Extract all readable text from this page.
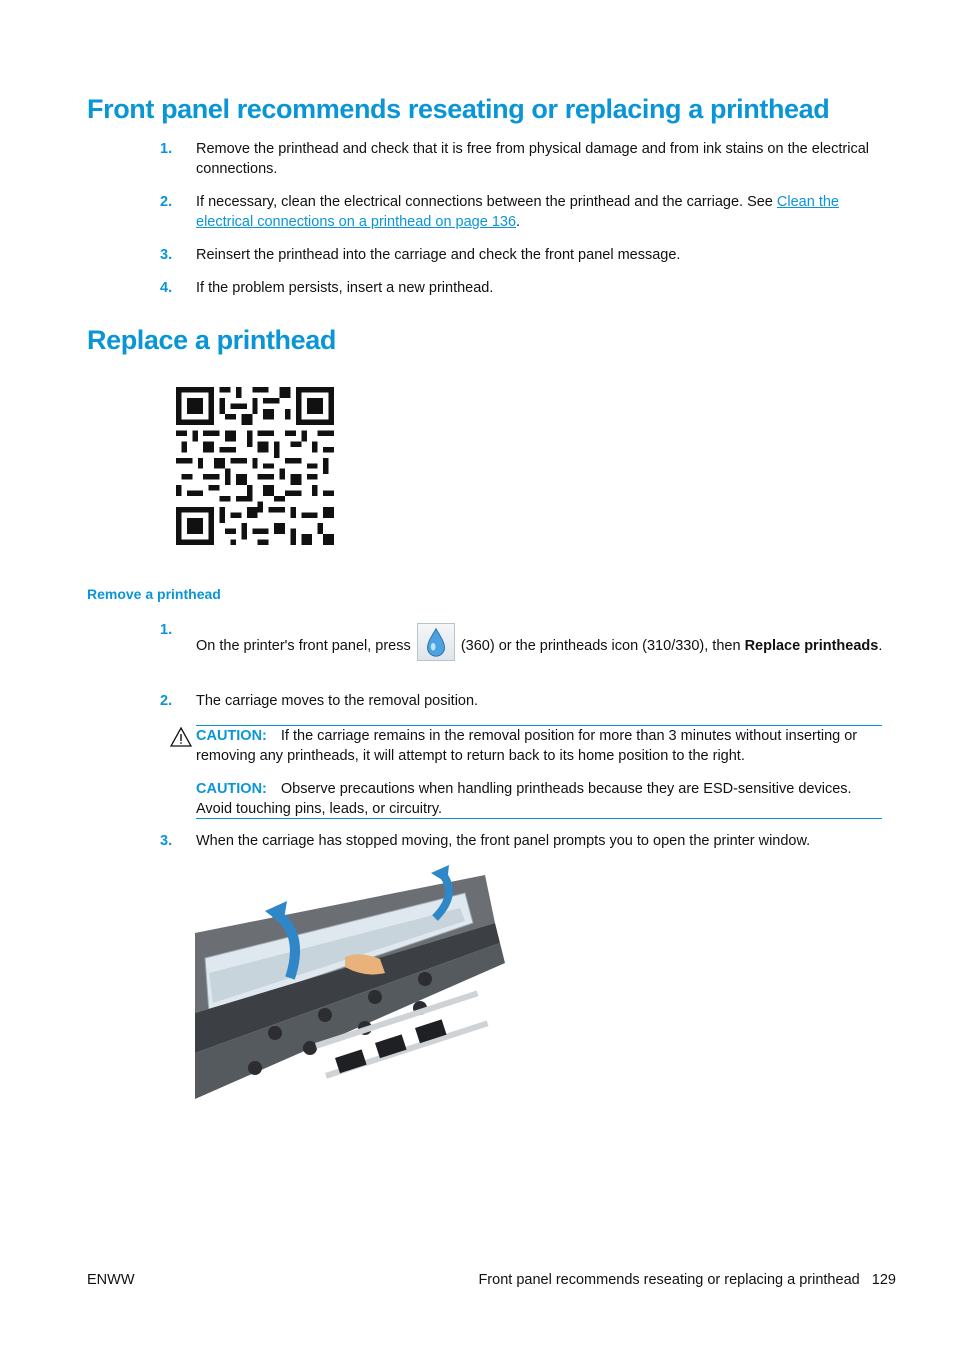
Front panel recommends reseating or replacing a printhead
1. Remove the printhead and check that it is free from physical damage and from ink stains on the electrical connections.
2. If necessary, clean the electrical connections between the printhead and the carriage. See Clean the electrical connections on a printhead on page 136.
3. Reinsert the printhead into the carriage and check the front panel message.
4. If the problem persists, insert a new printhead.
Replace a printhead
Remove a printhead
1.
On the printer's front panel, press	(360) or the printheads icon (310/330), then Replace printheads.
2. The carriage moves to the removal position.

CAUTION: If the carriage remains in the removal position for more than 3 minutes without inserting or removing any printheads, it will attempt to return back to its home position to the right.

CAUTION: Observe precautions when handling printheads because they are ESD-sensitive devices. Avoid touching pins, leads, or circuitry.

3. When the carriage has stopped moving, the front panel prompts you to open the printer window.
ENWW	Front panel recommends reseating or replacing a printhead 129
